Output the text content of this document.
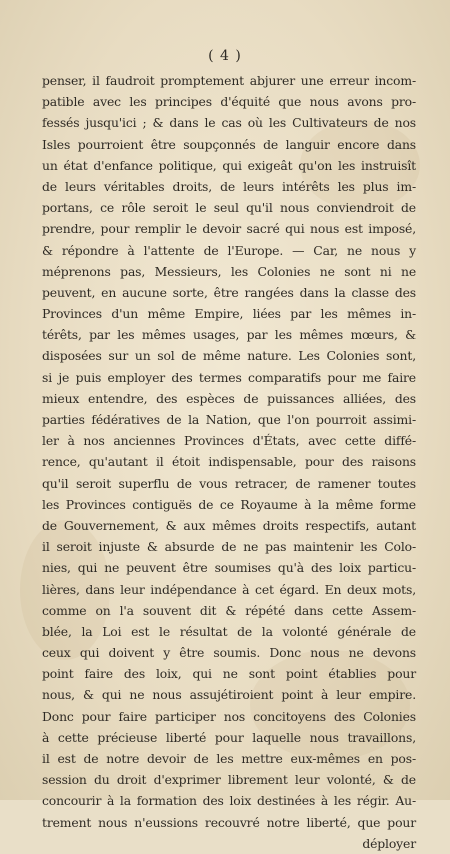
( 4 )
penser, il faudroit promptement abjurer une erreur incom-
patible avec les principes d'équité que nous avons pro-
fessés jusqu'ici ; & dans le cas où les Cultivateurs de nos
Isles pourroient être soupçonnés de languir encore dans
un état d'enfance politique, qui exigeât qu'on les instruisît
de leurs véritables droits, de leurs intérêts les plus im-
portans, ce rôle seroit le seul qu'il nous conviendroit de
prendre, pour remplir le devoir sacré qui nous est imposé,
& répondre à l'attente de l'Europe. — Car, ne nous y
méprenons pas, Messieurs, les Colonies ne sont ni ne
peuvent, en aucune sorte, être rangées dans la classe des
Provinces d'un même Empire, liées par les mêmes in-
térêts, par les mêmes usages, par les mêmes mœurs, &
disposées sur un sol de même nature. Les Colonies sont,
si je puis employer des termes comparatifs pour me faire
mieux entendre, des espèces de puissances alliées, des
parties fédératives de la Nation, que l'on pourroit assimi-
ler à nos anciennes Provinces d'États, avec cette diffé-
rence, qu'autant il étoit indispensable, pour des raisons
qu'il seroit superflu de vous retracer, de ramener toutes
les Provinces contiguës de ce Royaume à la même forme
de Gouvernement, & aux mêmes droits respectifs, autant
il seroit injuste & absurde de ne pas maintenir les Colo-
nies, qui ne peuvent être soumises qu'à des loix particu-
lières, dans leur indépendance à cet égard. En deux mots,
comme on l'a souvent dit & répété dans cette Assem-
blée, la Loi est le résultat de la volonté générale de
ceux qui doivent y être soumis. Donc nous ne devons
point faire des loix, qui ne sont point établies pour
nous, & qui ne nous assujétiroient point à leur empire.
Donc pour faire participer nos concitoyens des Colonies
à cette précieuse liberté pour laquelle nous travaillons,
il est de notre devoir de les mettre eux-mêmes en pos-
session du droit d'exprimer librement leur volonté, & de
concourir à la formation des loix destinées à les régir. Au-
trement nous n'eussions recouvré notre liberté, que pour
déployer
